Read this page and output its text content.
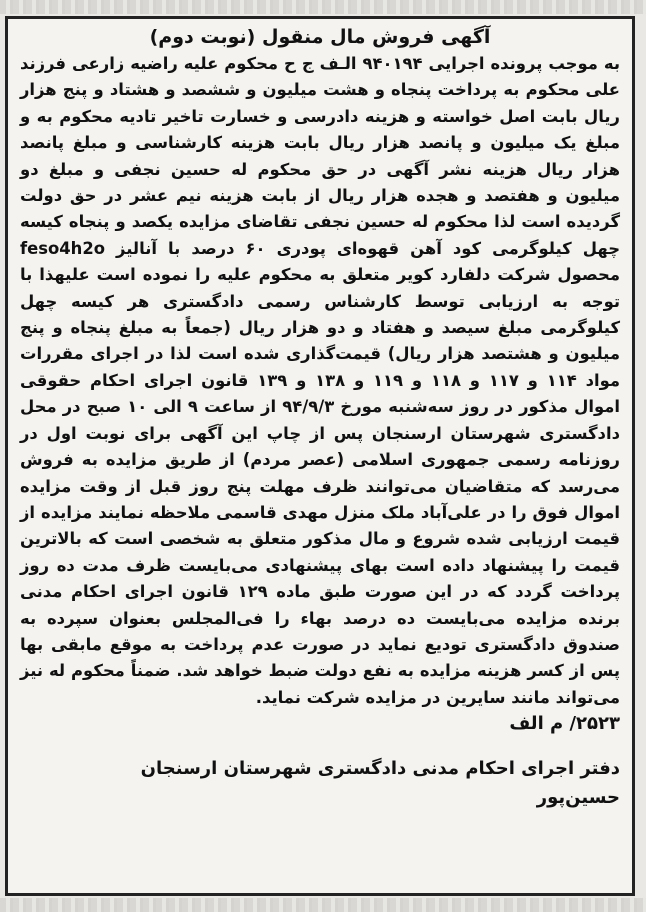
آگهی فروش مال منقول (نوبت دوم)

به موجب پرونده اجرایی ۹۴۰۱۹۴ الـف ج ح محکوم علیه راضیه زارعی فرزند علی محکوم به پرداخت پنجاه و هشت میلیون و ششصد و هشتاد و پنج هزار ریال بابت اصل خواسته و هزینه دادرسی و خسارت تاخیر تادیه محکوم به و مبلغ یک میلیون و پانصد هزار ریال بابت هزینه کارشناسی و مبلغ پانصد هزار ریال هزینه نشر آگهی در حق محکوم له حسین نجفی و مبلغ دو میلیون و هفتصد و هجده هزار ریال از بابت هزینه نیم عشر در حق دولت گردیده است لذا محکوم له حسین نجفی تقاضای مزایده یکصد و پنجاه کیسه چهل کیلوگرمی کود آهن قهوه‌ای پودری ۶۰ درصد با آنالیز feso4h2o محصول شرکت دلفارد کویر متعلق به محکوم علیه را نموده است علیهذا با توجه به ارزیابی توسط کارشناس رسمی دادگستری هر کیسه چهل کیلوگرمی مبلغ سیصد و هفتاد و دو هزار ریال (جمعاً به مبلغ پنجاه و پنج میلیون و هشتصد هزار ریال) قیمت‌گذاری شده است لذا در اجرای مقررات مواد ۱۱۴ و ۱۱۷ و ۱۱۸ و ۱۱۹ و ۱۳۸ و ۱۳۹ قانون اجرای احکام حقوقی اموال مذکور در روز سه‌شنبه مورخ ۹۴/۹/۳ از ساعت ۹ الی ۱۰ صبح در محل دادگستری شهرستان ارسنجان پس از چاپ این آگهی برای نوبت اول در روزنامه رسمی جمهوری اسلامی (عصر مردم) از طریق مزایده به فروش می‌رسد که متقاضیان می‌توانند ظرف مهلت پنج روز قبل از وقت مزایده اموال فوق را در علی‌آباد ملک منزل مهدی قاسمی ملاحظه نمایند مزایده از قیمت ارزیابی شده شروع و مال مذکور متعلق به شخصی است که بالاترین قیمت را پیشنهاد داده است بهای پیشنهادی می‌بایست ظرف مدت ده روز پرداخت گردد که در این صورت طبق ماده ۱۲۹ قانون اجرای احکام مدنی برنده مزایده می‌بایست ده درصد بهاء را فی‌المجلس بعنوان سپرده به صندوق دادگستری تودیع نماید در صورت عدم پرداخت به موقع مابقی بها پس از کسر هزینه مزایده به نفع دولت ضبط خواهد شد. ضمناً محکوم له نیز می‌تواند مانند سایرین در مزایده شرکت نماید.

۲۵۲۳/ م الف

دفتر اجرای احکام مدنی دادگستری شهرستان ارسنجان

حسین‌پور
